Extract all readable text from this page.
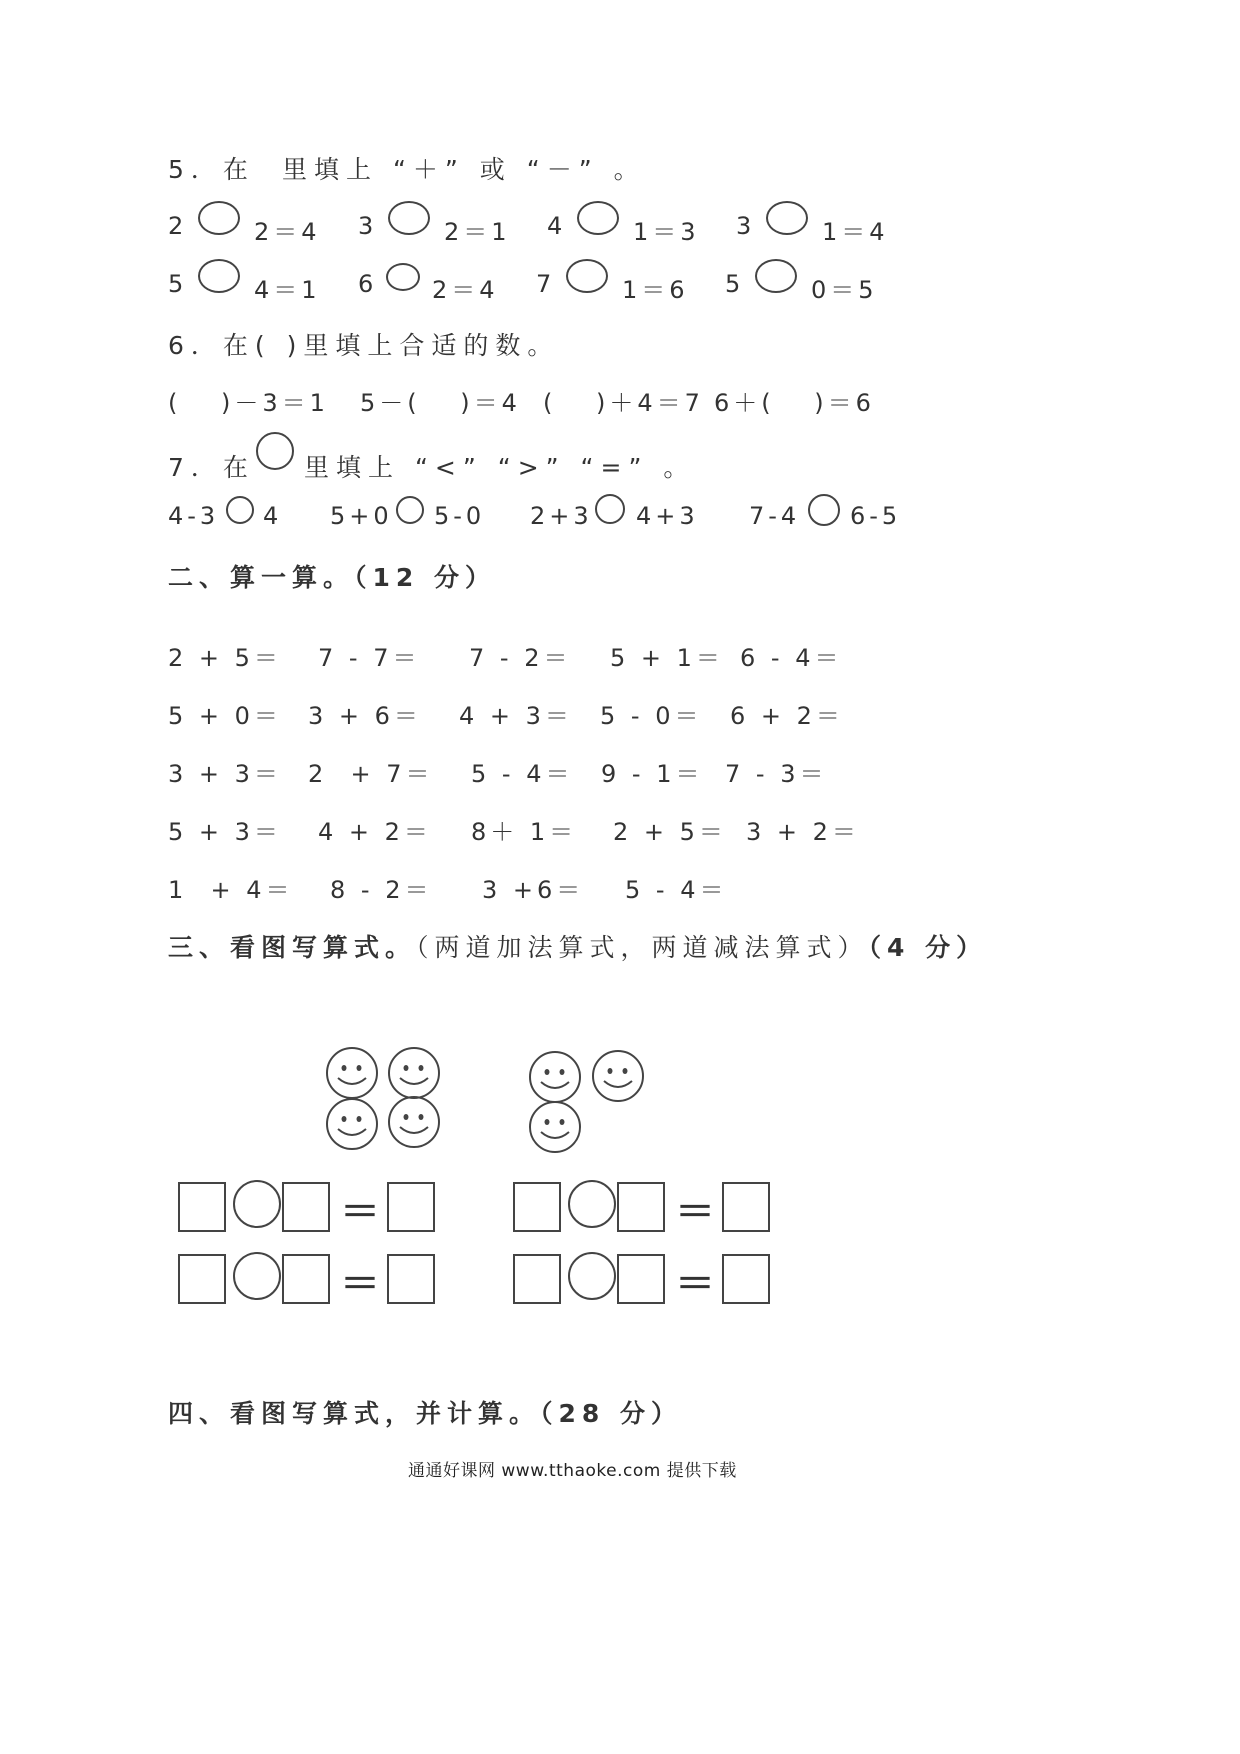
5．在 里填上 “＋” 或 “－” 。
2	2＝4 3	2＝1 4	1＝3 3	1＝4
5	4＝1 6 2＝4 7	1＝6 5	0＝5
6．在( )里填上合适的数。
(　 )－3＝1 5－(　 )＝4 (　 )＋4＝7 6＋(　 )＝6
7．在 里填上 “<” “>” “=” 。
4-3 4 5+0 5-0 2+3 4+3 7-4 6-5
二、算一算。（12 分）
2 + 5＝ 7 - 7＝ 7 - 2＝ 5 + 1＝ 6 - 4＝
5 + 0＝ 3 + 6＝ 4 + 3＝ 5 - 0＝ 6 + 2＝
3 + 3＝ 2  + 7＝ 5 - 4＝ 9 - 1＝ 7 - 3＝
5 + 3＝ 4 + 2＝ 8＋ 1＝ 2 + 5＝ 3 + 2＝
1  + 4＝ 8 - 2＝ 3 +6＝ 5 - 4＝
三、看图写算式。（两道加法算式，两道减法算式）（4 分）
＝
＝
＝
＝
四、看图写算式，并计算。（28 分）
通通好课网 www.tthaoke.com 提供下载
